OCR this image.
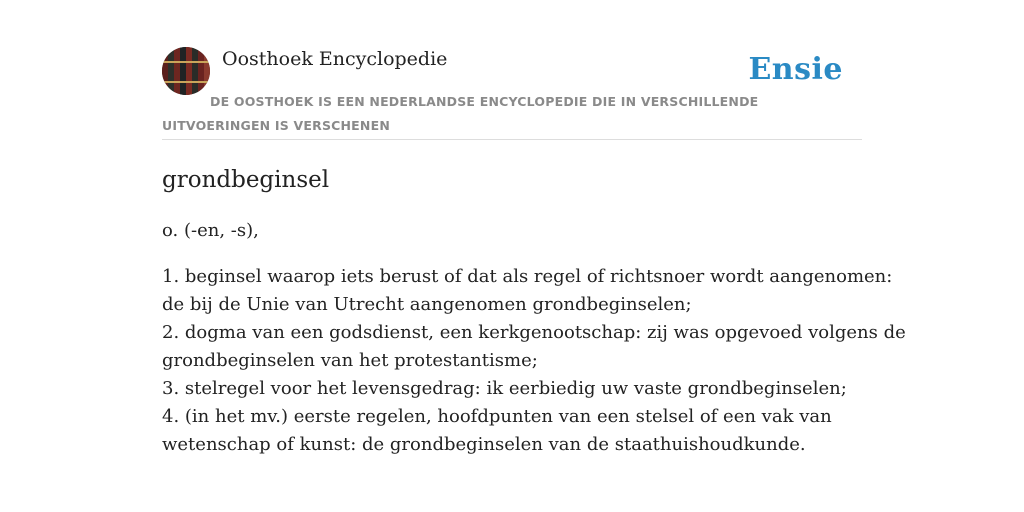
Oosthoek Encyclopedie	Ensie
DE OOSTHOEK IS EEN NEDERLANDSE ENCYCLOPEDIE DIE IN VERSCHILLENDE UITVOERINGEN IS VERSCHENEN
grondbeginsel
o. (-en, -s),
1. beginsel waarop iets berust of dat als regel of richtsnoer wordt aangenomen:
de bij de Unie van Utrecht aangenomen grondbeginselen;
2. dogma van een godsdienst, een kerkgenootschap: zij was opgevoed volgens de
grondbeginselen van het protestantisme;
3. stelregel voor het levensgedrag: ik eerbiedig uw vaste grondbeginselen;
4. (in het mv.) eerste regelen, hoofdpunten van een stelsel of een vak van
wetenschap of kunst: de grondbeginselen van de staathuishoudkunde.
